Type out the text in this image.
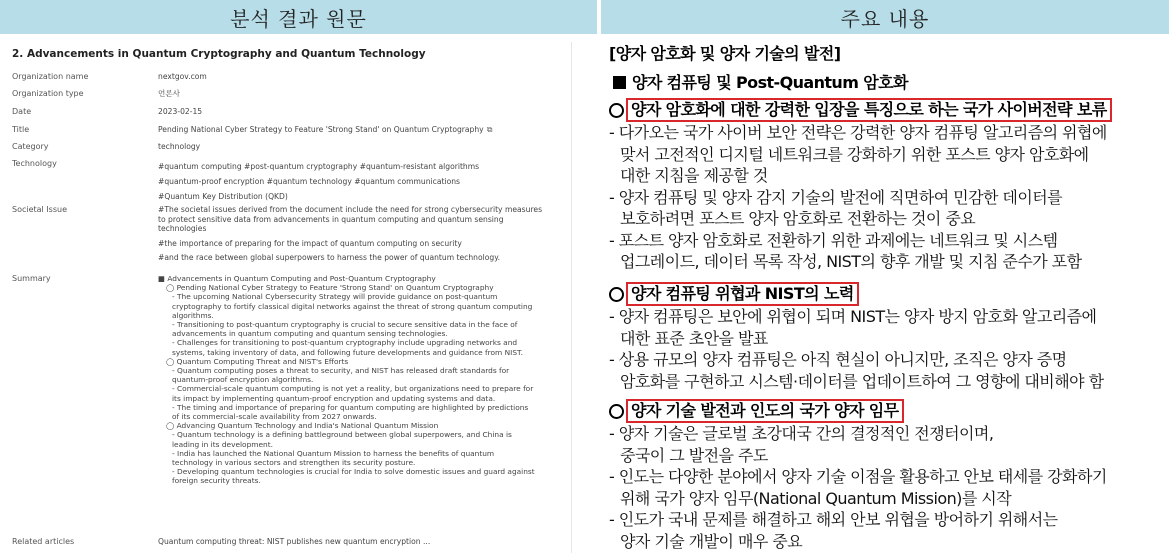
분석 결과 원문	주요 내용
2. Advancements in Quantum Cryptography and Quantum Technology
Organization name	nextgov.com
Organization type	언론사
Date	2023-02-15
Title	Pending National Cyber Strategy to Feature 'Strong Stand' on Quantum Cryptography ⧉
Category	technology
Technology	#quantum computing #post-quantum cryptography #quantum-resistant algorithms
#quantum-proof encryption #quantum technology #quantum communications
#Quantum Key Distribution (QKD)
Societal Issue	#The societal issues derived from the document include the need for strong cybersecurity measures
to protect sensitive data from advancements in quantum computing and quantum sensing
technologies
#the importance of preparing for the impact of quantum computing on security
#and the race between global superpowers to harness the power of quantum technology.
Summary	■ Advancements in Quantum Computing and Post-Quantum Cryptography
◯ Pending National Cyber Strategy to Feature 'Strong Stand' on Quantum Cryptography
- The upcoming National Cybersecurity Strategy will provide guidance on post-quantum
cryptography to fortify classical digital networks against the threat of strong quantum computing
algorithms.
- Transitioning to post-quantum cryptography is crucial to secure sensitive data in the face of
advancements in quantum computing and quantum sensing technologies.
- Challenges for transitioning to post-quantum cryptography include upgrading networks and
systems, taking inventory of data, and following future developments and guidance from NIST.
◯ Quantum Computing Threat and NIST's Efforts
- Quantum computing poses a threat to security, and NIST has released draft standards for
quantum-proof encryption algorithms.
- Commercial-scale quantum computing is not yet a reality, but organizations need to prepare for
its impact by implementing quantum-proof encryption and updating systems and data.
- The timing and importance of preparing for quantum computing are highlighted by predictions
of its commercial-scale availability from 2027 onwards.
◯ Advancing Quantum Technology and India's National Quantum Mission
- Quantum technology is a defining battleground between global superpowers, and China is
leading in its development.
- India has launched the National Quantum Mission to harness the benefits of quantum
technology in various sectors and strengthen its security posture.
- Developing quantum technologies is crucial for India to solve domestic issues and guard against
foreign security threats.
Related articles	Quantum computing threat: NIST publishes new quantum encryption ...
[양자 암호화 및 양자 기술의 발전]
양자 컴퓨팅 및 Post-Quantum 암호화
양자 암호화에 대한 강력한 입장을 특징으로 하는 국가 사이버전략 보류
- 다가오는 국가 사이버 보안 전략은 강력한 양자 컴퓨팅 알고리즘의 위협에
맞서 고전적인 디지털 네트워크를 강화하기 위한 포스트 양자 암호화에
대한 지침을 제공할 것
- 양자 컴퓨팅 및 양자 감지 기술의 발전에 직면하여 민감한 데이터를
보호하려면 포스트 양자 암호화로 전환하는 것이 중요
- 포스트 양자 암호화로 전환하기 위한 과제에는 네트워크 및 시스템
업그레이드, 데이터 목록 작성, NIST의 향후 개발 및 지침 준수가 포함
양자 컴퓨팅 위협과 NIST의 노력
- 양자 컴퓨팅은 보안에 위협이 되며 NIST는 양자 방지 암호화 알고리즘에
대한 표준 초안을 발표
- 상용 규모의 양자 컴퓨팅은 아직 현실이 아니지만, 조직은 양자 증명
암호화를 구현하고 시스템·데이터를 업데이트하여 그 영향에 대비해야 함
양자 기술 발전과 인도의 국가 양자 임무
- 양자 기술은 글로벌 초강대국 간의 결정적인 전쟁터이며,
중국이 그 발전을 주도
- 인도는 다양한 분야에서 양자 기술 이점을 활용하고 안보 태세를 강화하기
위해 국가 양자 임무(National Quantum Mission)를 시작
- 인도가 국내 문제를 해결하고 해외 안보 위협을 방어하기 위해서는
양자 기술 개발이 매우 중요
